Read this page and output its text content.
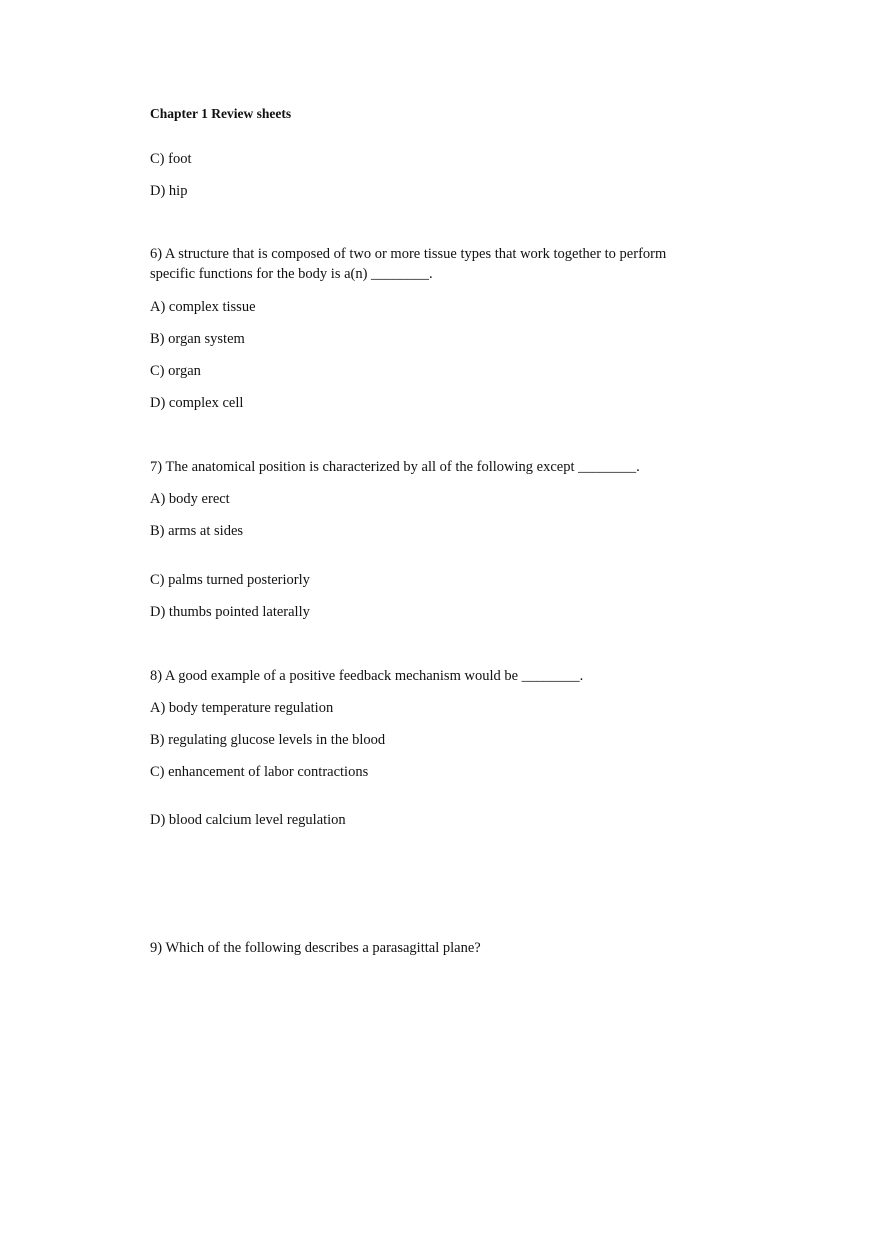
Chapter 1 Review sheets

C) foot

D) hip

6) A structure that is composed of two or more tissue types that work together to perform

specific functions for the body is a(n) ________.

A) complex tissue

B) organ system

C) organ

D) complex cell

7) The anatomical position is characterized by all of the following except ________.

A) body erect

B) arms at sides

C) palms turned posteriorly

D) thumbs pointed laterally

8) A good example of a positive feedback mechanism would be ________.

A) body temperature regulation

B) regulating glucose levels in the blood

C) enhancement of labor contractions

D) blood calcium level regulation

9) Which of the following describes a parasagittal plane?
